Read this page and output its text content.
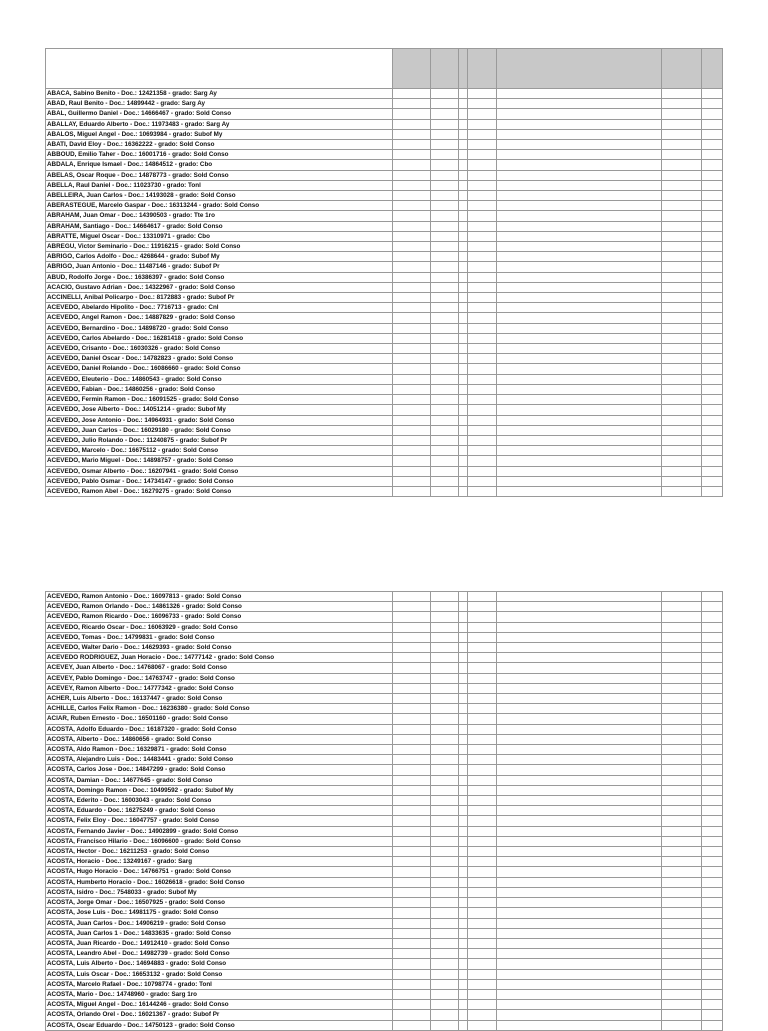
ABACA, Sabino Benito - Doc.: 12421358 - grado: Sarg Ay							
ABAD, Raul Benito - Doc.: 14899442 - grado: Sarg Ay							
ABAL, Guillermo Daniel - Doc.: 14666467 - grado: Sold Conso							
ABALLAY, Eduardo Alberto - Doc.: 11973483 - grado: Sarg Ay							
ABALOS, Miguel Angel - Doc.: 10693984 - grado: Subof My							
ABATI, David Eloy - Doc.: 16362222 - grado: Sold Conso							
ABBOUD, Emilio Taher - Doc.: 16001716 - grado: Sold Conso							
ABDALA, Enrique Ismael - Doc.: 14864512 - grado: Cbo							
ABELAS, Oscar Roque - Doc.: 14878773 - grado: Sold Conso							
ABELLA, Raul Daniel - Doc.: 11023730 - grado: Tonl							
ABELLEIRA, Juan Carlos - Doc.: 14193028 - grado: Sold Conso							
ABERASTEGUE, Marcelo Gaspar - Doc.: 16313244 - grado: Sold Conso							
ABRAHAM, Juan Omar - Doc.: 14390503 - grado: Tte 1ro							
ABRAHAM, Santiago - Doc.: 14664617 - grado: Sold Conso							
ABRATTE, Miguel Oscar - Doc.: 13310971 - grado: Cbo							
ABREGU, Victor Seminario - Doc.: 11916215 - grado: Sold Conso							
ABRIGO, Carlos Adolfo - Doc.: 4268644 - grado: Subof My							
ABRIGO, Juan Antonio - Doc.: 11487146 - grado: Subof Pr							
ABUD, Rodolfo Jorge - Doc.: 16386397 - grado: Sold Conso							
ACACIO, Gustavo Adrian - Doc.: 14322967 - grado: Sold Conso							
ACCINELLI, Anibal Policarpo - Doc.: 8172883 - grado: Subof Pr							
ACEVEDO, Abelardo Hipolito - Doc.: 7716713 - grado: Cnl							
ACEVEDO, Angel Ramon - Doc.: 14887829 - grado: Sold Conso							
ACEVEDO, Bernardino - Doc.: 14898720 - grado: Sold Conso							
ACEVEDO, Carlos Abelardo - Doc.: 16281418 - grado: Sold Conso							
ACEVEDO, Crisanto - Doc.: 16030326 - grado: Sold Conso							
ACEVEDO, Daniel Oscar - Doc.: 14782823 - grado: Sold Conso							
ACEVEDO, Daniel Rolando - Doc.: 16086660 - grado: Sold Conso							
ACEVEDO, Eleuterio - Doc.: 14860543 - grado: Sold Conso							
ACEVEDO, Fabian - Doc.: 14860256 - grado: Sold Conso							
ACEVEDO, Fermin Ramon - Doc.: 16091525 - grado: Sold Conso							
ACEVEDO, Jose Alberto - Doc.: 14051214 - grado: Subof My							
ACEVEDO, Jose Antonio - Doc.: 14964931 - grado: Sold Conso							
ACEVEDO, Juan Carlos - Doc.: 16029180 - grado: Sold Conso							
ACEVEDO, Julio Rolando - Doc.: 11240875 - grado: Subof Pr							
ACEVEDO, Marcelo - Doc.: 16675112 - grado: Sold Conso							
ACEVEDO, Mario Miguel - Doc.: 14898757 - grado: Sold Conso							
ACEVEDO, Osmar Alberto - Doc.: 16207941 - grado: Sold Conso							
ACEVEDO, Pablo Osmar - Doc.: 14734147 - grado: Sold Conso							
ACEVEDO, Ramon Abel - Doc.: 16279275 - grado: Sold Conso							
ACEVEDO, Ramon Antonio - Doc.: 16097813 - grado: Sold Conso							
ACEVEDO, Ramon Orlando - Doc.: 14861326 - grado: Sold Conso							
ACEVEDO, Ramon Ricardo - Doc.: 16096733 - grado: Sold Conso							
ACEVEDO, Ricardo Oscar - Doc.: 16063929 - grado: Sold Conso							
ACEVEDO, Tomas - Doc.: 14799831 - grado: Sold Conso							
ACEVEDO, Walter Dario - Doc.: 14629393 - grado: Sold Conso							
ACEVEDO RODRIGUEZ, Juan Horacio - Doc.: 14777142 - grado: Sold Conso							
ACEVEY, Juan Alberto - Doc.: 14768067 - grado: Sold Conso							
ACEVEY, Pablo Domingo - Doc.: 14763747 - grado: Sold Conso							
ACEVEY, Ramon Alberto - Doc.: 14777342 - grado: Sold Conso							
ACHER, Luis Alberto - Doc.: 16137447 - grado: Sold Conso							
ACHILLE, Carlos Felix Ramon - Doc.: 16236380 - grado: Sold Conso							
ACIAR, Ruben Ernesto - Doc.: 16501160 - grado: Sold Conso							
ACOSTA, Adolfo Eduardo - Doc.: 16187320 - grado: Sold Conso							
ACOSTA, Alberto - Doc.: 14860656 - grado: Sold Conso							
ACOSTA, Aldo Ramon - Doc.: 16329871 - grado: Sold Conso							
ACOSTA, Alejandro Luis - Doc.: 14483441 - grado: Sold Conso							
ACOSTA, Carlos Jose - Doc.: 14847299 - grado: Sold Conso							
ACOSTA, Damian - Doc.: 14677645 - grado: Sold Conso							
ACOSTA, Domingo Ramon - Doc.: 10499592 - grado: Subof My							
ACOSTA, Ederito - Doc.: 16003043 - grado: Sold Conso							
ACOSTA, Eduardo - Doc.: 16275249 - grado: Sold Conso							
ACOSTA, Felix Eloy - Doc.: 16047757 - grado: Sold Conso							
ACOSTA, Fernando Javier - Doc.: 14902899 - grado: Sold Conso							
ACOSTA, Francisco Hilario - Doc.: 16096600 - grado: Sold Conso							
ACOSTA, Hector - Doc.: 16211253 - grado: Sold Conso							
ACOSTA, Horacio - Doc.: 13249167 - grado: Sarg							
ACOSTA, Hugo Horacio - Doc.: 14766751 - grado: Sold Conso							
ACOSTA, Humberto Horacio - Doc.: 16026618 - grado: Sold Conso							
ACOSTA, Isidro - Doc.: 7548033 - grado: Subof My							
ACOSTA, Jorge Omar - Doc.: 16507925 - grado: Sold Conso							
ACOSTA, Jose Luis - Doc.: 14981175 - grado: Sold Conso							
ACOSTA, Juan Carlos - Doc.: 14906219 - grado: Sold Conso							
ACOSTA, Juan Carlos 1 - Doc.: 14833635 - grado: Sold Conso							
ACOSTA, Juan Ricardo - Doc.: 14912410 - grado: Sold Conso							
ACOSTA, Leandro Abel - Doc.: 14982739 - grado: Sold Conso							
ACOSTA, Luis Alberto - Doc.: 14694883 - grado: Sold Conso							
ACOSTA, Luis Oscar - Doc.: 16653132 - grado: Sold Conso							
ACOSTA, Marcelo Rafael - Doc.: 10798774 - grado: Tonl							
ACOSTA, Mario - Doc.: 14748960 - grado: Sarg 1ro							
ACOSTA, Miguel Angel - Doc.: 16144246 - grado: Sold Conso							
ACOSTA, Orlando Orel - Doc.: 16021367 - grado: Subof Pr							
ACOSTA, Oscar Eduardo - Doc.: 14750123 - grado: Sold Conso							
